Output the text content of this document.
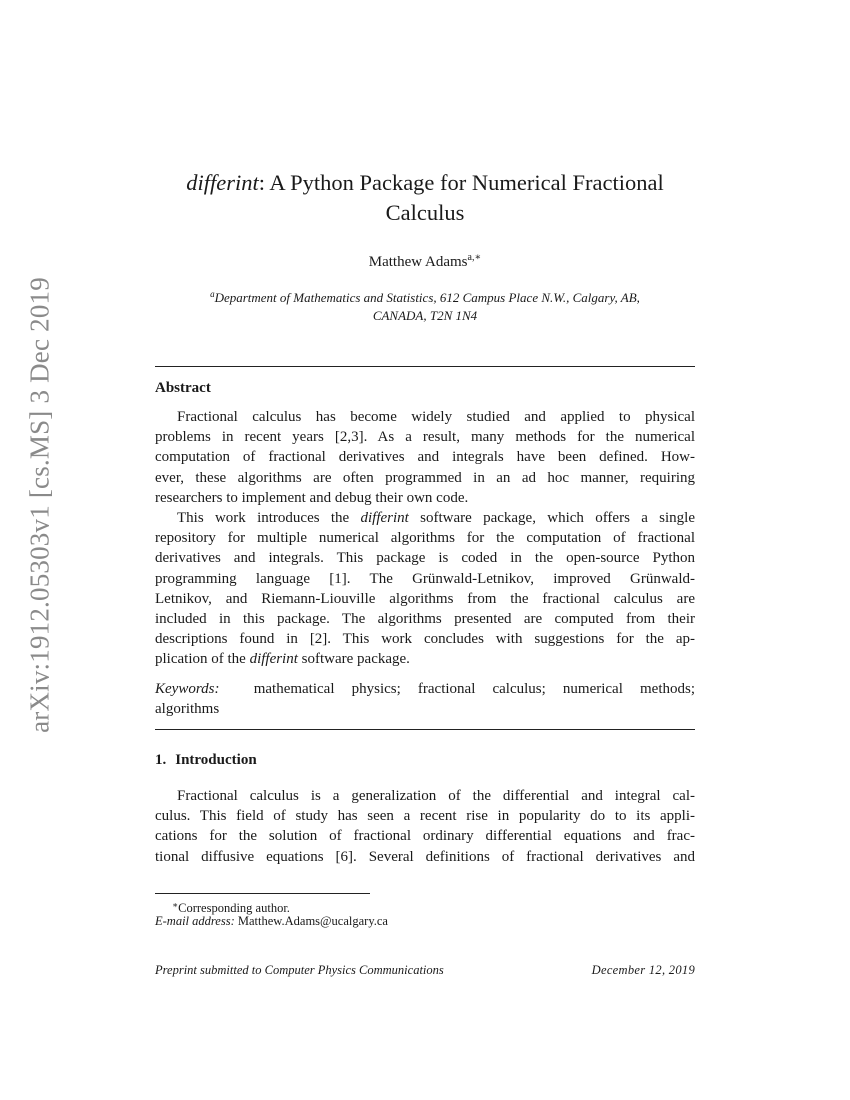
arXiv:1912.05303v1 [cs.MS] 3 Dec 2019
differint: A Python Package for Numerical Fractional
Calculus
Matthew Adams$^{a,∗}$
$^a$Department of Mathematics and Statistics, 612 Campus Place N.W., Calgary, AB,
CANADA, T2N 1N4
Abstract
Fractional calculus has become widely studied and applied to physical
problems in recent years [2,3]. As a result, many methods for the numerical
computation of fractional derivatives and integrals have been defined. How-
ever, these algorithms are often programmed in an ad hoc manner, requiring
researchers to implement and debug their own code.
This work introduces the differint software package, which offers a single
repository for multiple numerical algorithms for the computation of fractional
derivatives and integrals. This package is coded in the open-source Python
programming language [1]. The Grünwald-Letnikov, improved Grünwald-
Letnikov, and Riemann-Liouville algorithms from the fractional calculus are
included in this package. The algorithms presented are computed from their
descriptions found in [2]. This work concludes with suggestions for the ap-
plication of the differint software package.
Keywords: mathematical physics; fractional calculus; numerical methods;
algorithms
1. Introduction
Fractional calculus is a generalization of the differential and integral cal-
culus. This field of study has seen a recent rise in popularity do to its appli-
cations for the solution of fractional ordinary differential equations and frac-
tional diffusive equations [6]. Several definitions of fractional derivatives and
∗Corresponding author.
E-mail address: Matthew.Adams@ucalgary.ca
Preprint submitted to Computer Physics Communications	December 12, 2019
